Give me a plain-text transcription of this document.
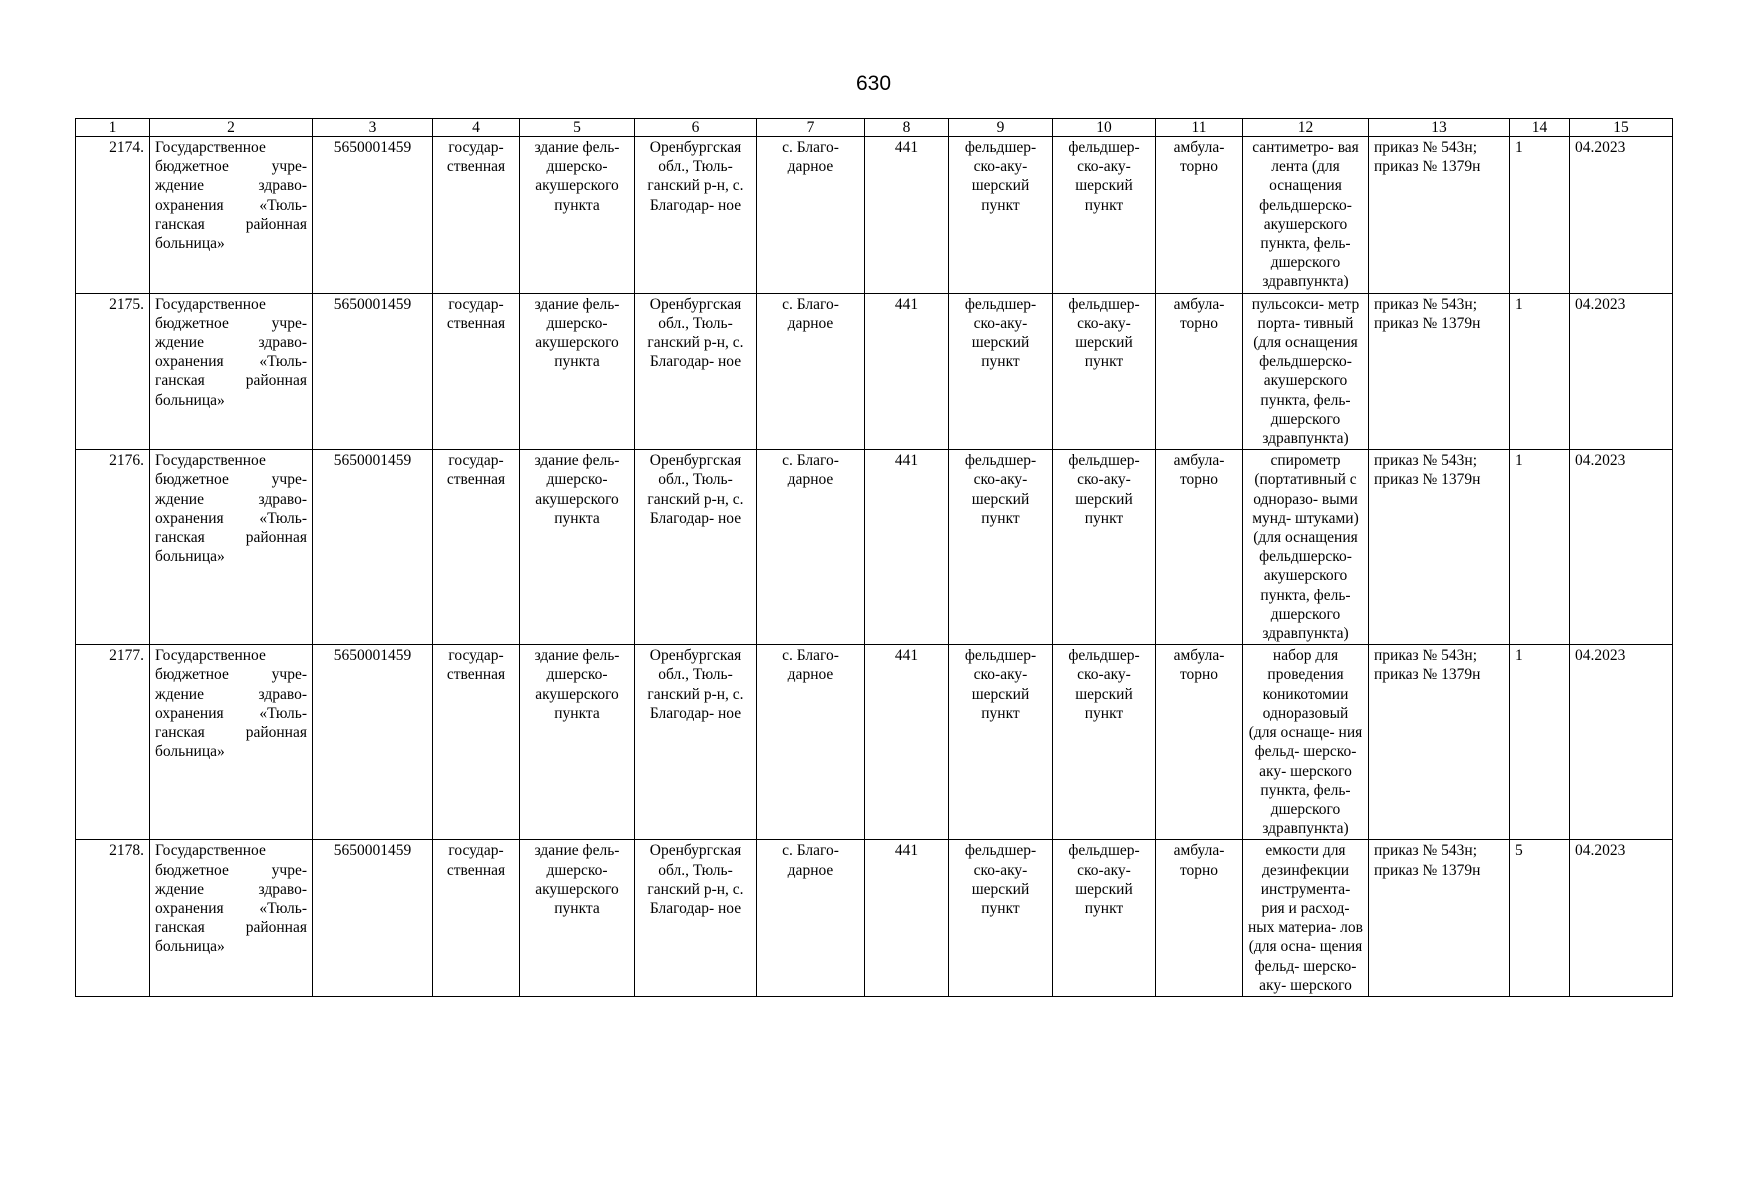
630
1	2	3	4	5	6	7	8	9	10	11	12	13	14	15
2174.	Государственное бюджетное учре- ждение здраво- охранения «Тюль- ганская районная больница»	5650001459	государ- ственная	здание фель- дшерско- акушерского пункта	Оренбургская обл., Тюль- ганский р-н, с. Благодар- ное	с. Благо- дарное	441	фельдшер- ско-аку- шерский пункт	фельдшер- ско-аку- шерский пункт	амбула- торно	сантиметро- вая лента (для оснащения фельдшерско- акушерского пункта, фель- дшерского здравпункта)	приказ № 543н; приказ № 1379н	1	04.2023
2175.	Государственное бюджетное учре- ждение здраво- охранения «Тюль- ганская районная больница»	5650001459	государ- ственная	здание фель- дшерско- акушерского пункта	Оренбургская обл., Тюль- ганский р-н, с. Благодар- ное	с. Благо- дарное	441	фельдшер- ско-аку- шерский пункт	фельдшер- ско-аку- шерский пункт	амбула- торно	пульсокси- метр порта- тивный (для оснащения фельдшерско- акушерского пункта, фель- дшерского здравпункта)	приказ № 543н; приказ № 1379н	1	04.2023
2176.	Государственное бюджетное учре- ждение здраво- охранения «Тюль- ганская районная больница»	5650001459	государ- ственная	здание фель- дшерско- акушерского пункта	Оренбургская обл., Тюль- ганский р-н, с. Благодар- ное	с. Благо- дарное	441	фельдшер- ско-аку- шерский пункт	фельдшер- ско-аку- шерский пункт	амбула- торно	спирометр (портативный с одноразо- выми мунд- штуками) (для оснащения фельдшерско- акушерского пункта, фель- дшерского здравпункта)	приказ № 543н; приказ № 1379н	1	04.2023
2177.	Государственное бюджетное учре- ждение здраво- охранения «Тюль- ганская районная больница»	5650001459	государ- ственная	здание фель- дшерско- акушерского пункта	Оренбургская обл., Тюль- ганский р-н, с. Благодар- ное	с. Благо- дарное	441	фельдшер- ско-аку- шерский пункт	фельдшер- ско-аку- шерский пункт	амбула- торно	набор для проведения коникотомии одноразовый (для оснаще- ния фельд- шерско-аку- шерского пункта, фель- дшерского здравпункта)	приказ № 543н; приказ № 1379н	1	04.2023
2178.	Государственное бюджетное учре- ждение здраво- охранения «Тюль- ганская районная больница»	5650001459	государ- ственная	здание фель- дшерско- акушерского пункта	Оренбургская обл., Тюль- ганский р-н, с. Благодар- ное	с. Благо- дарное	441	фельдшер- ско-аку- шерский пункт	фельдшер- ско-аку- шерский пункт	амбула- торно	емкости для дезинфекции инструмента- рия и расход- ных материа- лов (для осна- щения фельд- шерско-аку- шерского	приказ № 543н; приказ № 1379н	5	04.2023
